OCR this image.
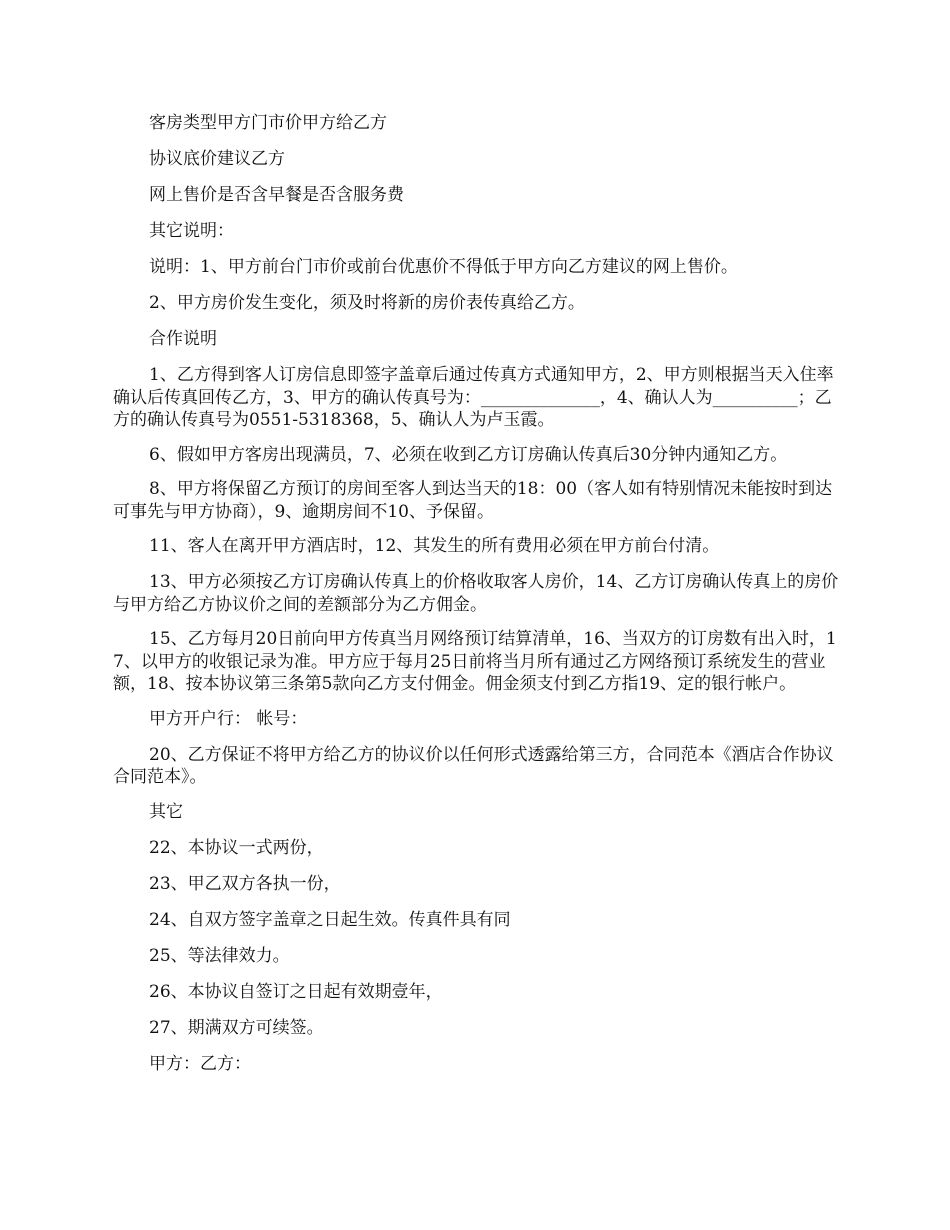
客房类型甲方门市价甲方给乙方

协议底价建议乙方

网上售价是否含早餐是否含服务费

其它说明：

说明：1、甲方前台门市价或前台优惠价不得低于甲方向乙方建议的网上售价。

2、甲方房价发生变化，须及时将新的房价表传真给乙方。

合作说明

1、乙方得到客人订房信息即签字盖章后通过传真方式通知甲方，2、甲方则根据当天入住率确认后传真回传乙方，3、甲方的确认传真号为：______________，4、确认人为__________；乙方的确认传真号为0551-5318368，5、确认人为卢玉霞。

6、假如甲方客房出现满员，7、必须在收到乙方订房确认传真后30分钟内通知乙方。

8、甲方将保留乙方预订的房间至客人到达当天的18：00（客人如有特别情况未能按时到达可事先与甲方协商），9、逾期房间不10、予保留。

11、客人在离开甲方酒店时，12、其发生的所有费用必须在甲方前台付清。

13、甲方必须按乙方订房确认传真上的价格收取客人房价，14、乙方订房确认传真上的房价与甲方给乙方协议价之间的差额部分为乙方佣金。

15、乙方每月20日前向甲方传真当月网络预订结算清单，16、当双方的订房数有出入时，17、以甲方的收银记录为准。甲方应于每月25日前将当月所有通过乙方网络预订系统发生的营业额，18、按本协议第三条第5款向乙方支付佣金。佣金须支付到乙方指19、定的银行帐户。

甲方开户行： 帐号：

20、乙方保证不将甲方给乙方的协议价以任何形式透露给第三方，合同范本《酒店合作协议合同范本》。

其它

22、本协议一式两份，

23、甲乙双方各执一份，

24、自双方签字盖章之日起生效。传真件具有同

25、等法律效力。

26、本协议自签订之日起有效期壹年，

27、期满双方可续签。

甲方：乙方：
